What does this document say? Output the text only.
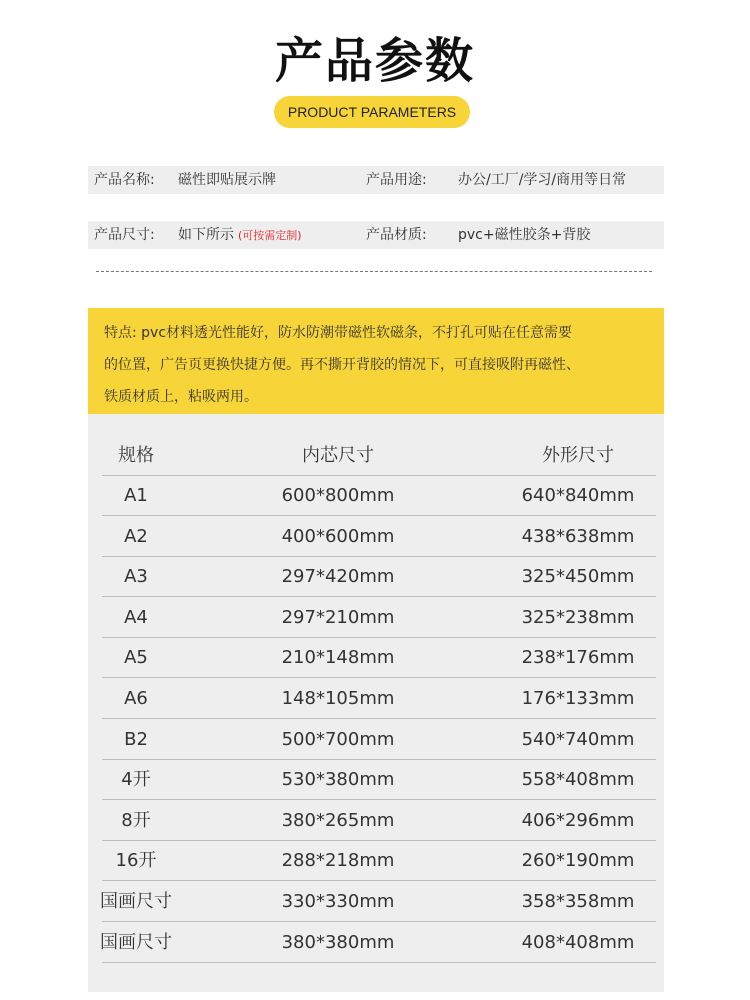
产品参数
PRODUCT PARAMETERS
产品名称: 磁性即贴展示牌	产品用途: 办公/工厂/学习/商用等日常
产品尺寸: 如下所示 (可按需定制)	产品材质: pvc+磁性胶条+背胶
特点: pvc材料透光性能好，防水防潮带磁性软磁条，不打孔可贴在任意需要
的位置，广告页更换快捷方便。再不撕开背胶的情况下，可直接吸附再磁性、
铁质材质上，粘吸两用。
规格	内芯尺寸	外形尺寸
A1	600*800mm	640*840mm
A2	400*600mm	438*638mm
A3	297*420mm	325*450mm
A4	297*210mm	325*238mm
A5	210*148mm	238*176mm
A6	148*105mm	176*133mm
B2	500*700mm	540*740mm
4开	530*380mm	558*408mm
8开	380*265mm	406*296mm
16开	288*218mm	260*190mm
国画尺寸	330*330mm	358*358mm
国画尺寸	380*380mm	408*408mm
